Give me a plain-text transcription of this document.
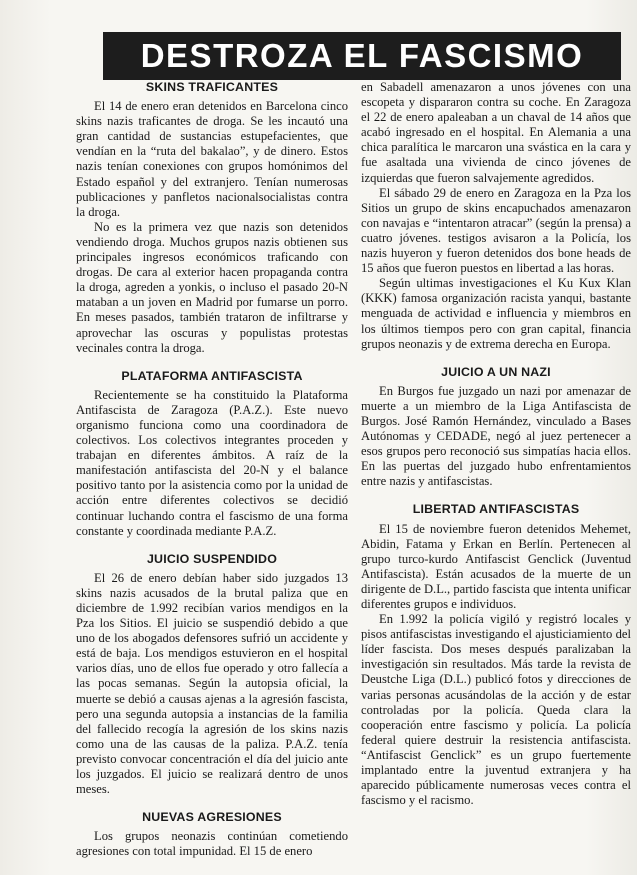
DESTROZA EL FASCISMO
SKINS TRAFICANTES

El 14 de enero eran detenidos en Barcelona cinco skins nazis traficantes de droga. Se les incautó una gran cantidad de sustancias estupefacientes, que vendían en la “ruta del bakalao”, y de dinero. Estos nazis tenían conexiones con grupos homónimos del Estado español y del extranjero. Tenían numerosas publicaciones y panfletos nacionalsocialistas contra la droga.

No es la primera vez que nazis son detenidos vendiendo droga. Muchos grupos nazis obtienen sus principales ingresos económicos traficando con drogas. De cara al exterior hacen propaganda contra la droga, agreden a yonkis, o incluso el pasado 20-N mataban a un joven en Madrid por fumarse un porro. En meses pasados, también trataron de infiltrarse y aprovechar las oscuras y populistas protestas vecinales contra la droga.

PLATAFORMA ANTIFASCISTA

Recientemente se ha constituido la Plataforma Antifascista de Zaragoza (P.A.Z.). Este nuevo organismo funciona como una coordinadora de colectivos. Los colectivos integrantes proceden y trabajan en diferentes ámbitos. A raíz de la manifestación antifascista del 20-N y el balance positivo tanto por la asistencia como por la unidad de acción entre diferentes colectivos se decidió continuar luchando contra el fascismo de una forma constante y coordinada mediante P.A.Z.

JUICIO SUSPENDIDO

El 26 de enero debían haber sido juzgados 13 skins nazis acusados de la brutal paliza que en diciembre de 1.992 recibían varios mendigos en la Pza los Sitios. El juicio se suspendió debido a que uno de los abogados defensores sufrió un accidente y está de baja. Los mendigos estuvieron en el hospital varios días, uno de ellos fue operado y otro fallecía a las pocas semanas. Según la autopsia oficial, la muerte se debió a causas ajenas a la agresión fascista, pero una segunda autopsia a instancias de la familia del fallecido recogía la agresión de los skins nazis como una de las causas de la paliza. P.A.Z. tenía previsto convocar concentración el día del juicio ante los juzgados. El juicio se realizará dentro de unos meses.

NUEVAS AGRESIONES

Los grupos neonazis continúan cometiendo agresiones con total impunidad. El 15 de enero

en Sabadell amenazaron a unos jóvenes con una escopeta y dispararon contra su coche. En Zaragoza el 22 de enero apaleaban a un chaval de 14 años que acabó ingresado en el hospital. En Alemania a una chica paralítica le marcaron una svástica en la cara y fue asaltada una vivienda de cinco jóvenes de izquierdas que fueron salvajemente agredidos.

El sábado 29 de enero en Zaragoza en la Pza los Sitios un grupo de skins encapuchados amenazaron con navajas e “intentaron atracar” (según la prensa) a cuatro jóvenes. testigos avisaron a la Policía, los nazis huyeron y fueron detenidos dos bone heads de 15 años que fueron puestos en libertad a las horas.

Según ultimas investigaciones el Ku Kux Klan (KKK) famosa organización racista yanqui, bastante menguada de actividad e influencia y miembros en los últimos tiempos pero con gran capital, financia grupos neonazis y de extrema derecha en Europa.

JUICIO A UN NAZI

En Burgos fue juzgado un nazi por amenazar de muerte a un miembro de la Liga Antifascista de Burgos. José Ramón Hernández, vinculado a Bases Autónomas y CEDADE, negó al juez pertenecer a esos grupos pero reconoció sus simpatías hacia ellos. En las puertas del juzgado hubo enfrentamientos entre nazis y antifascistas.

LIBERTAD ANTIFASCISTAS

El 15 de noviembre fueron detenidos Mehemet, Abidin, Fatama y Erkan en Berlín. Pertenecen al grupo turco-kurdo Antifascist Genclick (Juventud Antifascista). Están acusados de la muerte de un dirigente de D.L., partido fascista que intenta unificar diferentes grupos e individuos.

En 1.992 la policía vigiló y registró locales y pisos antifascistas investigando el ajusticiamiento del líder fascista. Dos meses después paralizaban la investigación sin resultados. Más tarde la revista de Deustche Liga (D.L.) publicó fotos y direcciones de varias personas acusándolas de la acción y de estar controladas por la policía. Queda clara la cooperación entre fascismo y policía. La policía federal quiere destruir la resistencia antifascista. “Antifascist Genclick” es un grupo fuertemente implantado entre la juventud extranjera y ha aparecido públicamente numerosas veces contra el fascismo y el racismo.
